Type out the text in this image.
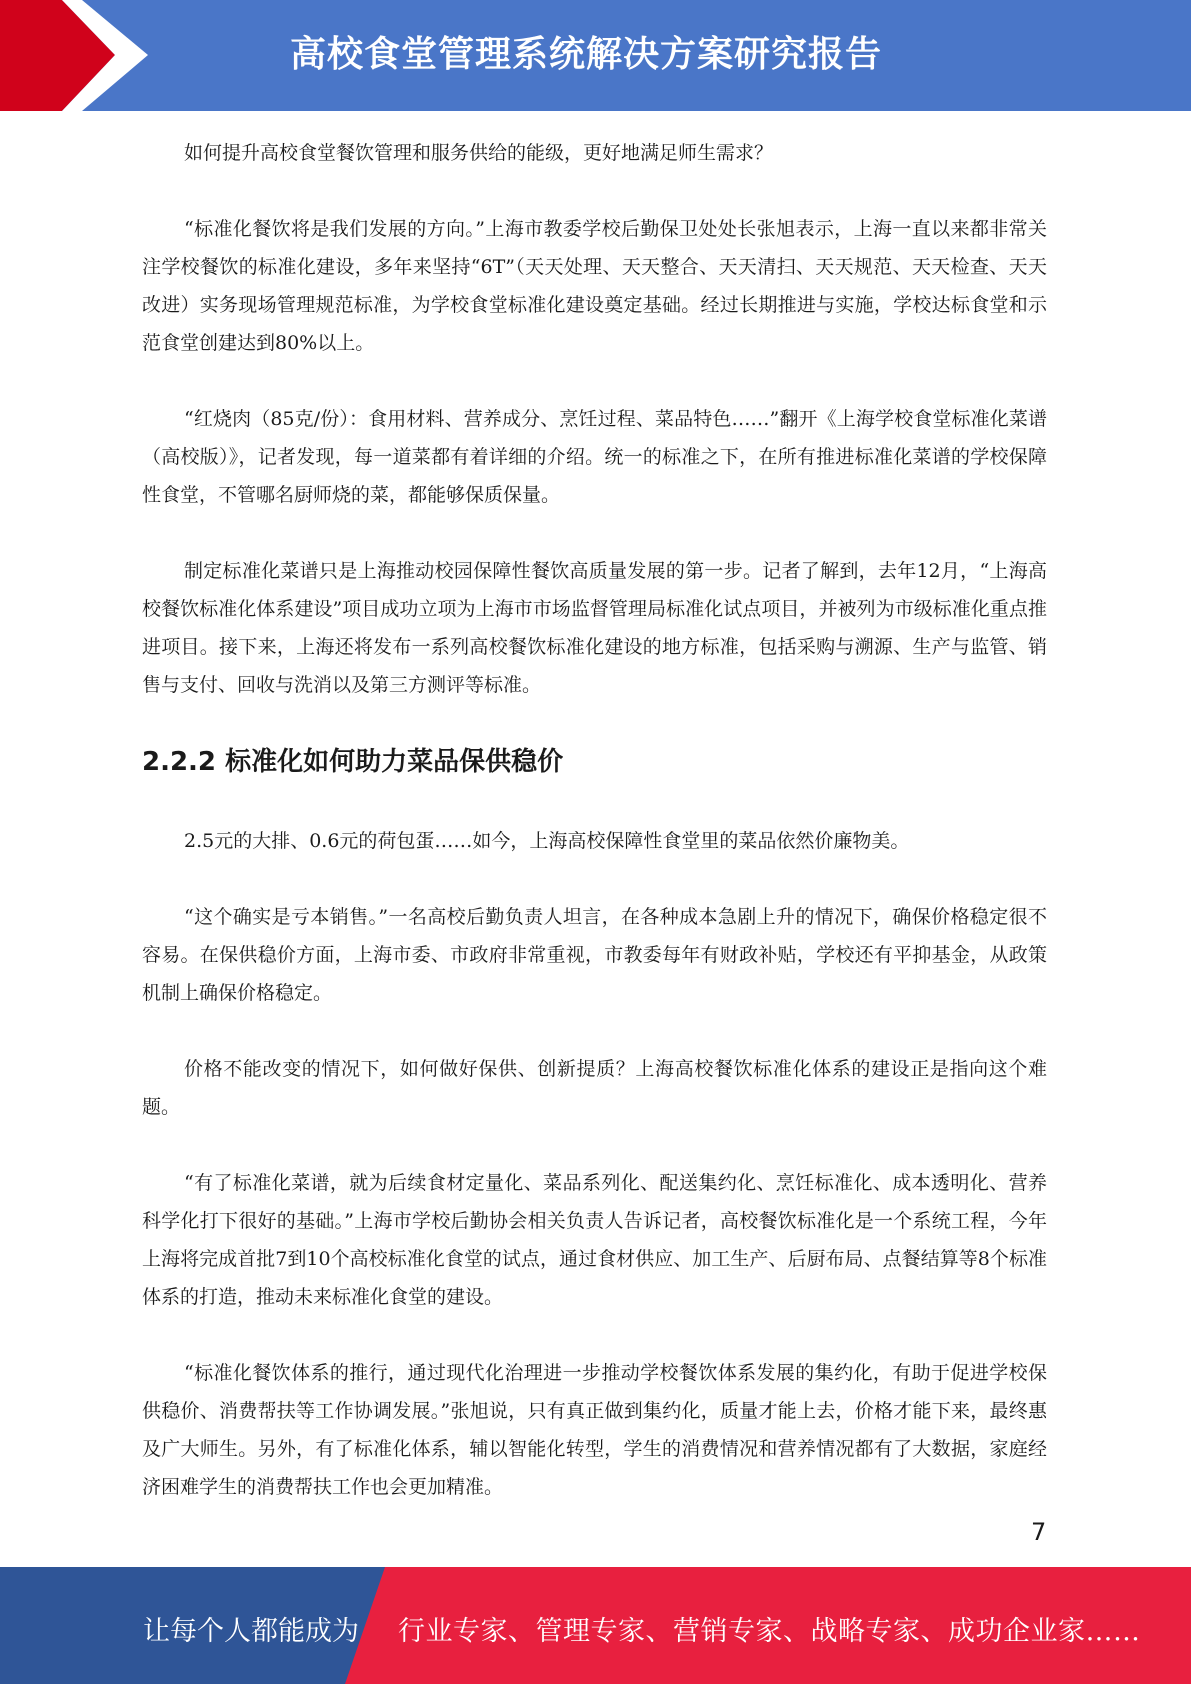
高校食堂管理系统解决方案研究报告

如何提升高校食堂餐饮管理和服务供给的能级，更好地满足师生需求？

“标准化餐饮将是我们发展的方向。”上海市教委学校后勤保卫处处长张旭表示，上海一直以来都非常关注学校餐饮的标准化建设，多年来坚持“6T”（天天处理、天天整合、天天清扫、天天规范、天天检查、天天改进）实务现场管理规范标准，为学校食堂标准化建设奠定基础。经过长期推进与实施，学校达标食堂和示范食堂创建达到80%以上。

“红烧肉（85克/份）：食用材料、营养成分、烹饪过程、菜品特色……”翻开《上海学校食堂标准化菜谱（高校版）》，记者发现，每一道菜都有着详细的介绍。统一的标准之下，在所有推进标准化菜谱的学校保障性食堂，不管哪名厨师烧的菜，都能够保质保量。

制定标准化菜谱只是上海推动校园保障性餐饮高质量发展的第一步。记者了解到，去年12月，“上海高校餐饮标准化体系建设”项目成功立项为上海市市场监督管理局标准化试点项目，并被列为市级标准化重点推进项目。接下来，上海还将发布一系列高校餐饮标准化建设的地方标准，包括采购与溯源、生产与监管、销售与支付、回收与洗消以及第三方测评等标准。

2.2.2 标准化如何助力菜品保供稳价

2.5元的大排、0.6元的荷包蛋……如今，上海高校保障性食堂里的菜品依然价廉物美。

“这个确实是亏本销售。”一名高校后勤负责人坦言，在各种成本急剧上升的情况下，确保价格稳定很不容易。在保供稳价方面，上海市委、市政府非常重视，市教委每年有财政补贴，学校还有平抑基金，从政策机制上确保价格稳定。

价格不能改变的情况下，如何做好保供、创新提质？上海高校餐饮标准化体系的建设正是指向这个难题。

“有了标准化菜谱，就为后续食材定量化、菜品系列化、配送集约化、烹饪标准化、成本透明化、营养科学化打下很好的基础。”上海市学校后勤协会相关负责人告诉记者，高校餐饮标准化是一个系统工程，今年上海将完成首批7到10个高校标准化食堂的试点，通过食材供应、加工生产、后厨布局、点餐结算等8个标准体系的打造，推动未来标准化食堂的建设。

“标准化餐饮体系的推行，通过现代化治理进一步推动学校餐饮体系发展的集约化，有助于促进学校保供稳价、消费帮扶等工作协调发展。”张旭说，只有真正做到集约化，质量才能上去，价格才能下来，最终惠及广大师生。另外，有了标准化体系，辅以智能化转型，学生的消费情况和营养情况都有了大数据，家庭经济困难学生的消费帮扶工作也会更加精准。

7
让每个人都能成为 行业专家、管理专家、营销专家、战略专家、成功企业家……
